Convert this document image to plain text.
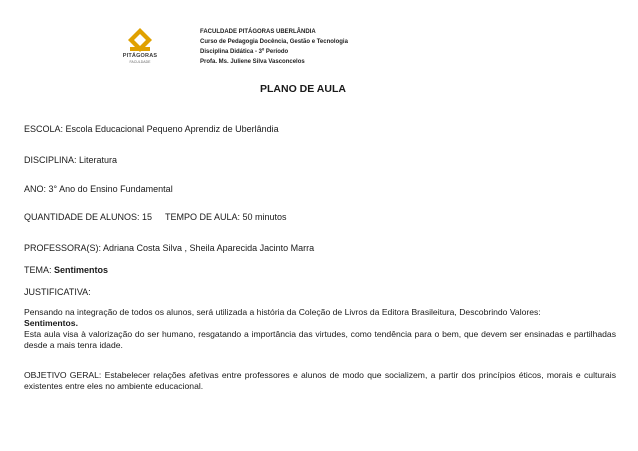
PITÁGORAS
FACULDADE
FACULDADE PITÁGORAS UBERLÂNDIA
Curso de Pedagogia Docência, Gestão e Tecnologia
Disciplina Didática - 3º Período
Profa. Ms. Juliene Silva Vasconcelos
PLANO DE AULA
ESCOLA: Escola Educacional Pequeno Aprendiz de Uberlândia
DISCIPLINA: Literatura
ANO: 3° Ano do Ensino Fundamental
QUANTIDADE DE ALUNOS: 15 TEMPO DE AULA: 50 minutos
PROFESSORA(S): Adriana Costa Silva , Sheila Aparecida Jacinto Marra
TEMA: Sentimentos
JUSTIFICATIVA:
Pensando na integração de todos os alunos, será utilizada a história da Coleção de Livros da Editora Brasileitura, Descobrindo Valores:
Sentimentos.
Esta aula visa à valorização do ser humano, resgatando a importância das virtudes, como tendência para o bem, que devem ser ensinadas e partilhadas desde a mais tenra idade.
OBJETIVO GERAL: Estabelecer relações afetivas entre professores e alunos de modo que socializem, a partir dos princípios éticos, morais e culturais existentes entre eles no ambiente educacional.
